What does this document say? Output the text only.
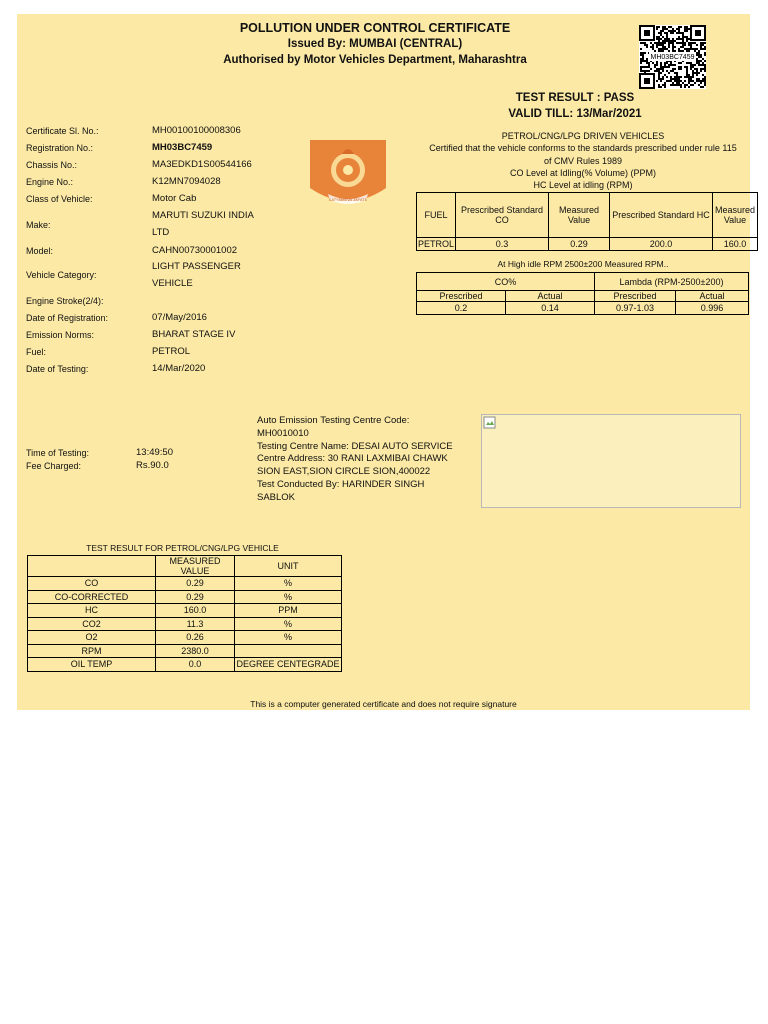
POLLUTION UNDER CONTROL CERTIFICATE
Issued By: MUMBAI (CENTRAL)
Authorised by Motor Vehicles Department, Maharashtra	MH03BC7459
TEST RESULT : PASS
VALID TILL: 13/Mar/2021
Certificate Sl. No.:	MH00100100008306
Registration No.:	MH03BC7459
Chassis No.:	MA3EDKD1S00544166
Engine No.:	K12MN7094028
Class of Vehicle:	Motor Cab
Make:
MARUTI SUZUKI INDIA
LTD
Model:	CAHN00730001002
Vehicle Category:
LIGHT PASSENGER
VEHICLE
Engine Stroke(2/4):
Date of Registration:	07/May/2016
Emission Norms:	BHARAT STAGE IV
Fuel:	PETROL
Date of Testing:	14/Mar/2020
SATYAMEVA JAYATE
PETROL/CNG/LPG DRIVEN VEHICLES
Certified that the vehicle conforms to the standards prescribed under rule 115
of CMV Rules 1989
CO Level at Idling(% Volume) (PPM)
HC Level at idling (RPM)
FUEL	Prescribed Standard CO	Measured Value	Prescribed Standard HC	Measured Value
PETROL	0.3	0.29	200.0	160.0
At High idle RPM 2500±200 Measured RPM..
CO%		Lambda (RPM-2500±200)	
Prescribed	Actual	Prescribed	Actual
0.2	0.14	0.97-1.03	0.996
Time of Testing:	13:49:50
Fee Charged:	Rs.90.0
Auto Emission Testing Centre Code:
MH0010010
Testing Centre Name: DESAI AUTO SERVICE
Centre Address: 30 RANI LAXMIBAI CHAWK
SION EAST,SION CIRCLE SION,400022
Test Conducted By: HARINDER SINGH
SABLOK
TEST RESULT FOR PETROL/CNG/LPG VEHICLE
	MEASURED VALUE	UNIT
CO	0.29	%
CO-CORRECTED	0.29	%
HC	160.0	PPM
CO2	11.3	%
O2	0.26	%
RPM	2380.0	
OIL TEMP	0.0	DEGREE CENTEGRADE
This is a computer generated certificate and does not require signature
